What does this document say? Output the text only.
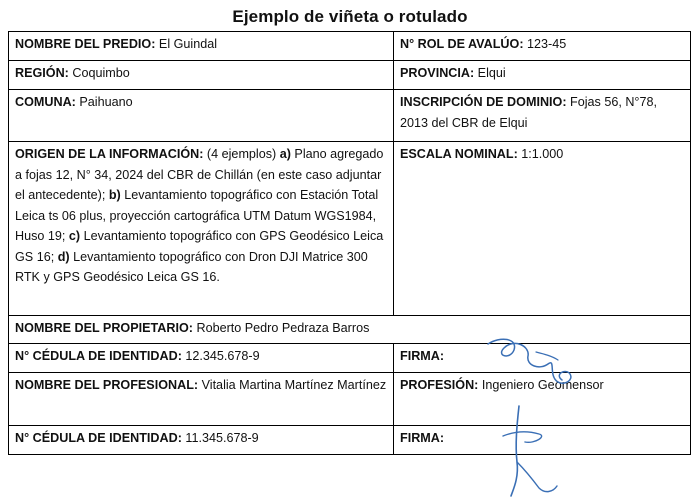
Ejemplo de viñeta o rotulado
NOMBRE DEL PREDIO: El Guindal	N° ROL DE AVALÚO: 123-45
REGIÓN: Coquimbo	PROVINCIA: Elqui
COMUNA: Paihuano	INSCRIPCIÓN DE DOMINIO: Fojas 56, N°78, 2013 del CBR de Elqui
ORIGEN DE LA INFORMACIÓN: (4 ejemplos) a) Plano agregado a fojas 12, N° 34, 2024 del CBR de Chillán (en este caso adjuntar el antecedente); b) Levantamiento topográfico con Estación Total Leica ts 06 plus, proyección cartográfica UTM Datum WGS1984, Huso 19; c) Levantamiento topográfico con GPS Geodésico Leica GS 16; d) Levantamiento topográfico con Dron DJI Matrice 300 RTK y GPS Geodésico Leica GS 16.	ESCALA NOMINAL: 1:1.000
NOMBRE DEL PROPIETARIO: Roberto Pedro Pedraza Barros	
N° CÉDULA DE IDENTIDAD: 12.345.678-9	FIRMA:
NOMBRE DEL PROFESIONAL: Vitalia Martina Martínez Martínez	PROFESIÓN: Ingeniero Geomensor
N° CÉDULA DE IDENTIDAD: 11.345.678-9	FIRMA:
